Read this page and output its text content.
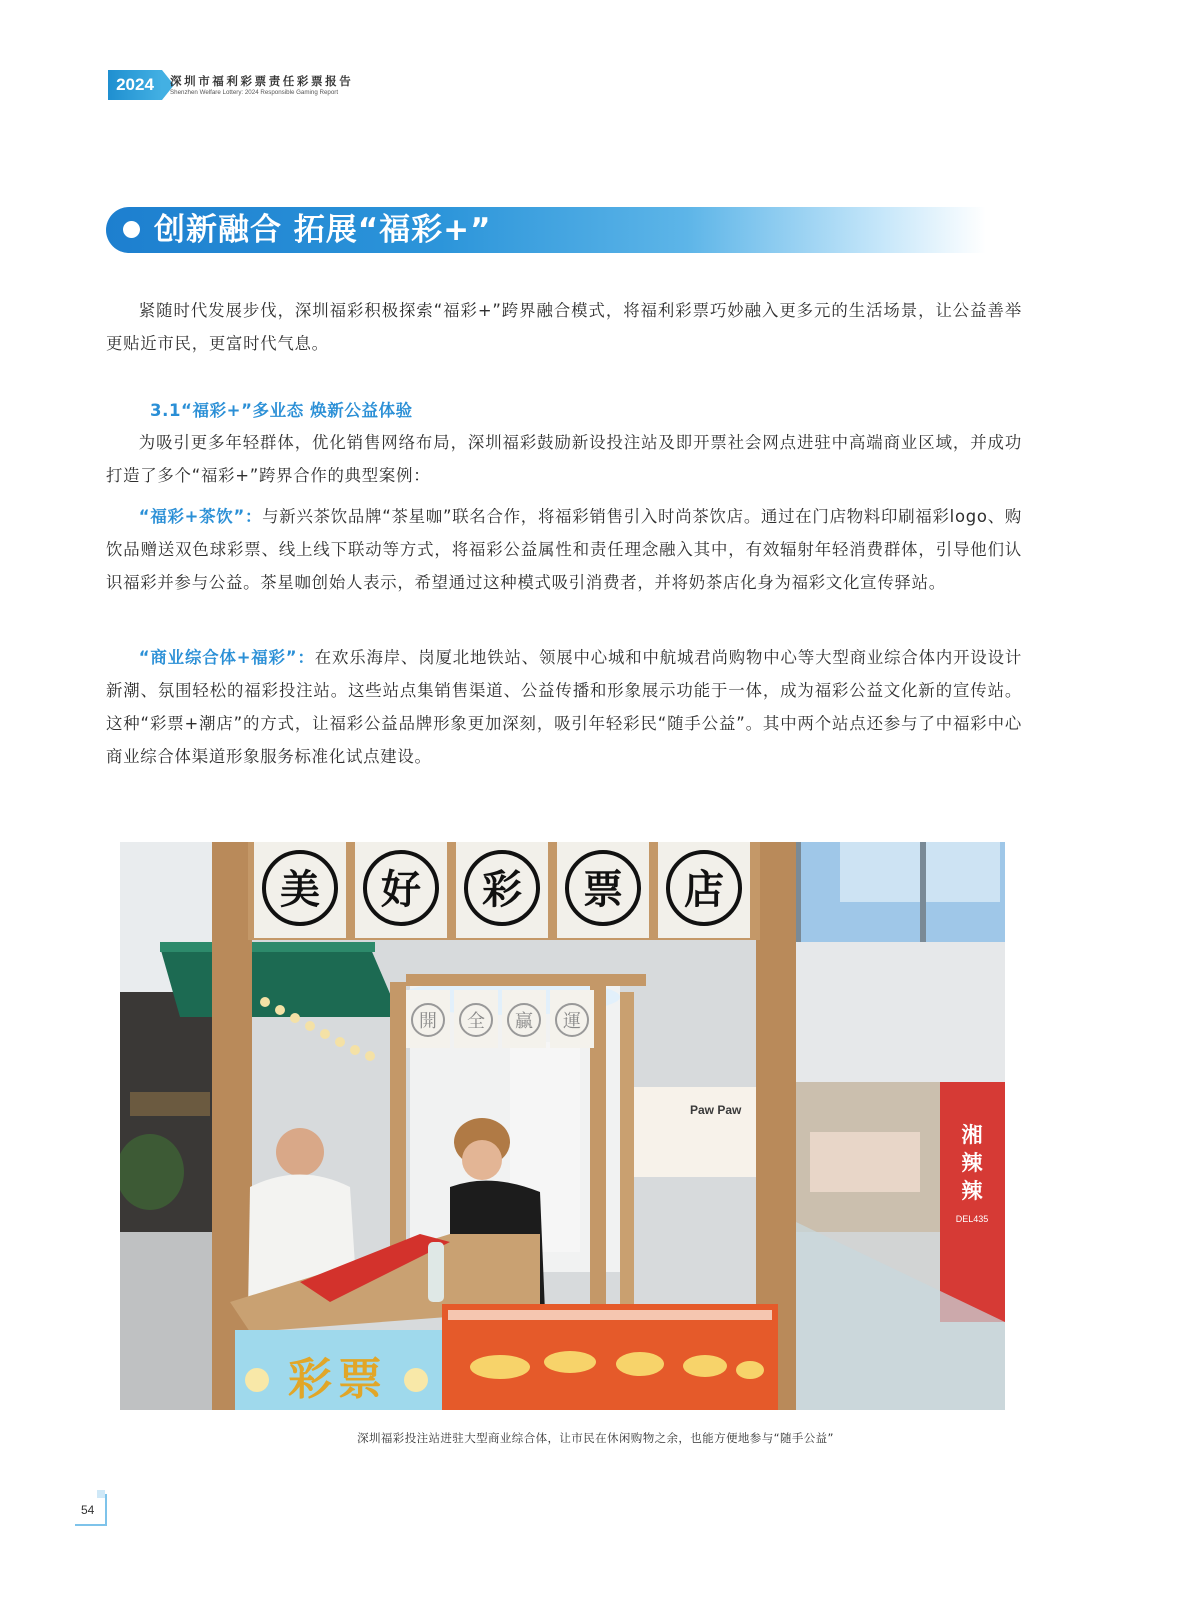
2024	深圳市福利彩票责任彩票报告
Shenzhen Welfare Lottery: 2024 Responsible Gaming Report
创新融合 拓展“福彩+”

紧随时代发展步伐，深圳福彩积极探索“福彩+”跨界融合模式，将福利彩票巧妙融入更多元的生活场景，让公益善举更贴近市民，更富时代气息。

3.1“福彩+”多业态 焕新公益体验

为吸引更多年轻群体，优化销售网络布局，深圳福彩鼓励新设投注站及即开票社会网点进驻中高端商业区域，并成功打造了多个“福彩+”跨界合作的典型案例：

“福彩+茶饮”：与新兴茶饮品牌“茶星咖”联名合作，将福彩销售引入时尚茶饮店。通过在门店物料印刷福彩logo、购饮品赠送双色球彩票、线上线下联动等方式，将福彩公益属性和责任理念融入其中，有效辐射年轻消费群体，引导他们认识福彩并参与公益。茶星咖创始人表示，希望通过这种模式吸引消费者，并将奶茶店化身为福彩文化宣传驿站。

“商业综合体+福彩”：在欢乐海岸、岗厦北地铁站、领展中心城和中航城君尚购物中心等大型商业综合体内开设设计新潮、氛围轻松的福彩投注站。这些站点集销售渠道、公益传播和形象展示功能于一体，成为福彩公益文化新的宣传站。这种“彩票+潮店”的方式，让福彩公益品牌形象更加深刻，吸引年轻彩民“随手公益”。其中两个站点还参与了中福彩中心商业综合体渠道形象服务标准化试点建设。

湘辣辣
DEL435
Paw Paw
美 好 彩 票 店
開 全 贏 運
彩票
深圳福彩投注站进驻大型商业综合体，让市民在休闲购物之余，也能方便地参与“随手公益”
54
